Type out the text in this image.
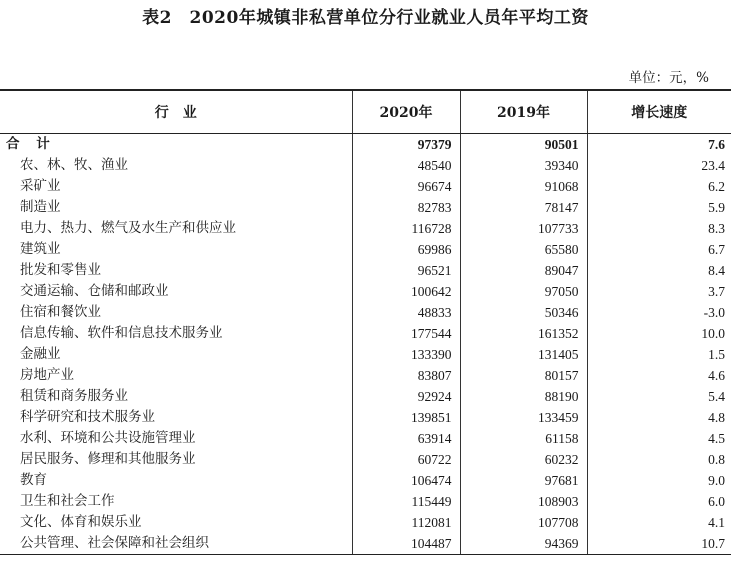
表2　2020年城镇非私营单位分行业就业人员年平均工资
单位：元，%
行　业	2020年	2019年	增长速度
合 计	97379	90501	7.6
农、林、牧、渔业	48540	39340	23.4
采矿业	96674	91068	6.2
制造业	82783	78147	5.9
电力、热力、燃气及水生产和供应业	116728	107733	8.3
建筑业	69986	65580	6.7
批发和零售业	96521	89047	8.4
交通运输、仓储和邮政业	100642	97050	3.7
住宿和餐饮业	48833	50346	-3.0
信息传输、软件和信息技术服务业	177544	161352	10.0
金融业	133390	131405	1.5
房地产业	83807	80157	4.6
租赁和商务服务业	92924	88190	5.4
科学研究和技术服务业	139851	133459	4.8
水利、环境和公共设施管理业	63914	61158	4.5
居民服务、修理和其他服务业	60722	60232	0.8
教育	106474	97681	9.0
卫生和社会工作	115449	108903	6.0
文化、体育和娱乐业	112081	107708	4.1
公共管理、社会保障和社会组织	104487	94369	10.7
